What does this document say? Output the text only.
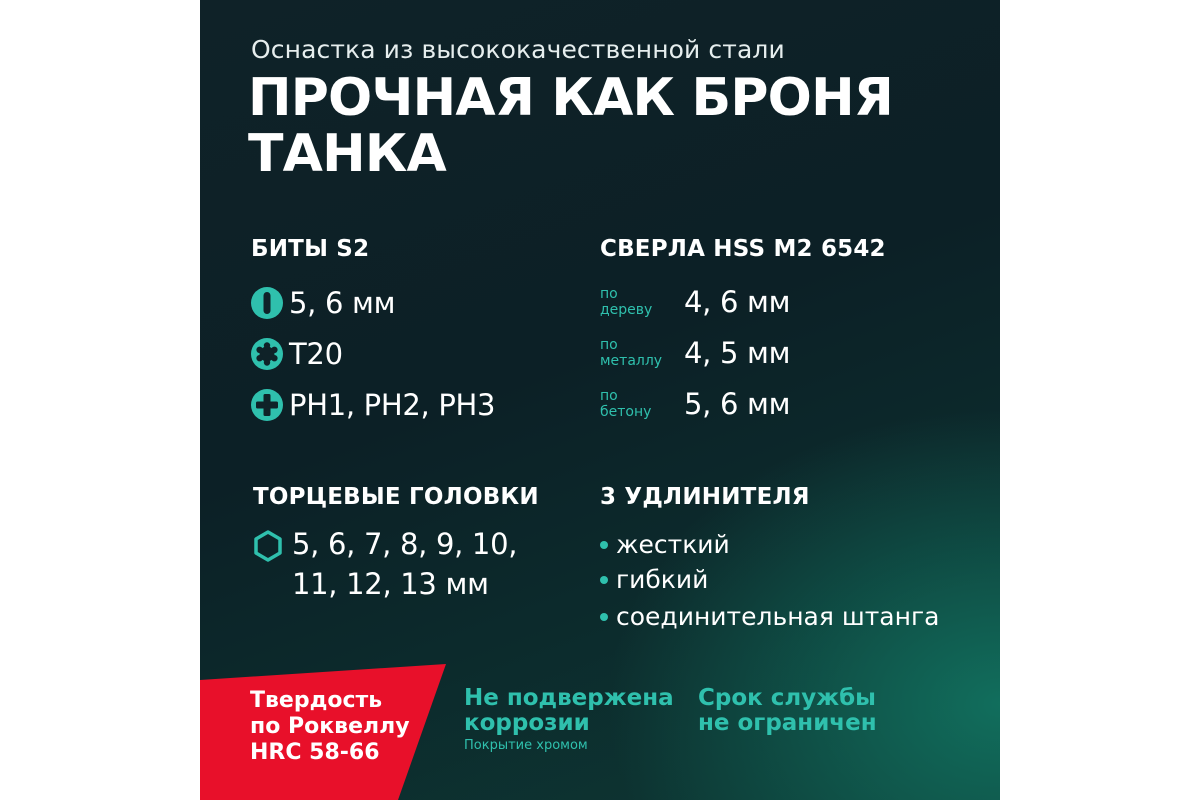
Оснастка из высококачественной стали
ПРОЧНАЯ КАК БРОНЯ
ТАНКА
БИТЫ S2
5, 6 мм
T20
PH1, PH2, PH3
СВЕРЛА HSS M2 6542
по
дереву	4, 6 мм
по
металлу 4, 5 мм
по
бетону	5, 6 мм
ТОРЦЕВЫЕ ГОЛОВКИ
5, 6, 7, 8, 9, 10,
11, 12, 13 мм
3 УДЛИНИТЕЛЯ
жесткий
гибкий
соединительная штанга
Твердость
по Роквеллу
HRC 58-66
Не подвержена
коррозии
Покрытие хромом
Срок службы
не ограничен
